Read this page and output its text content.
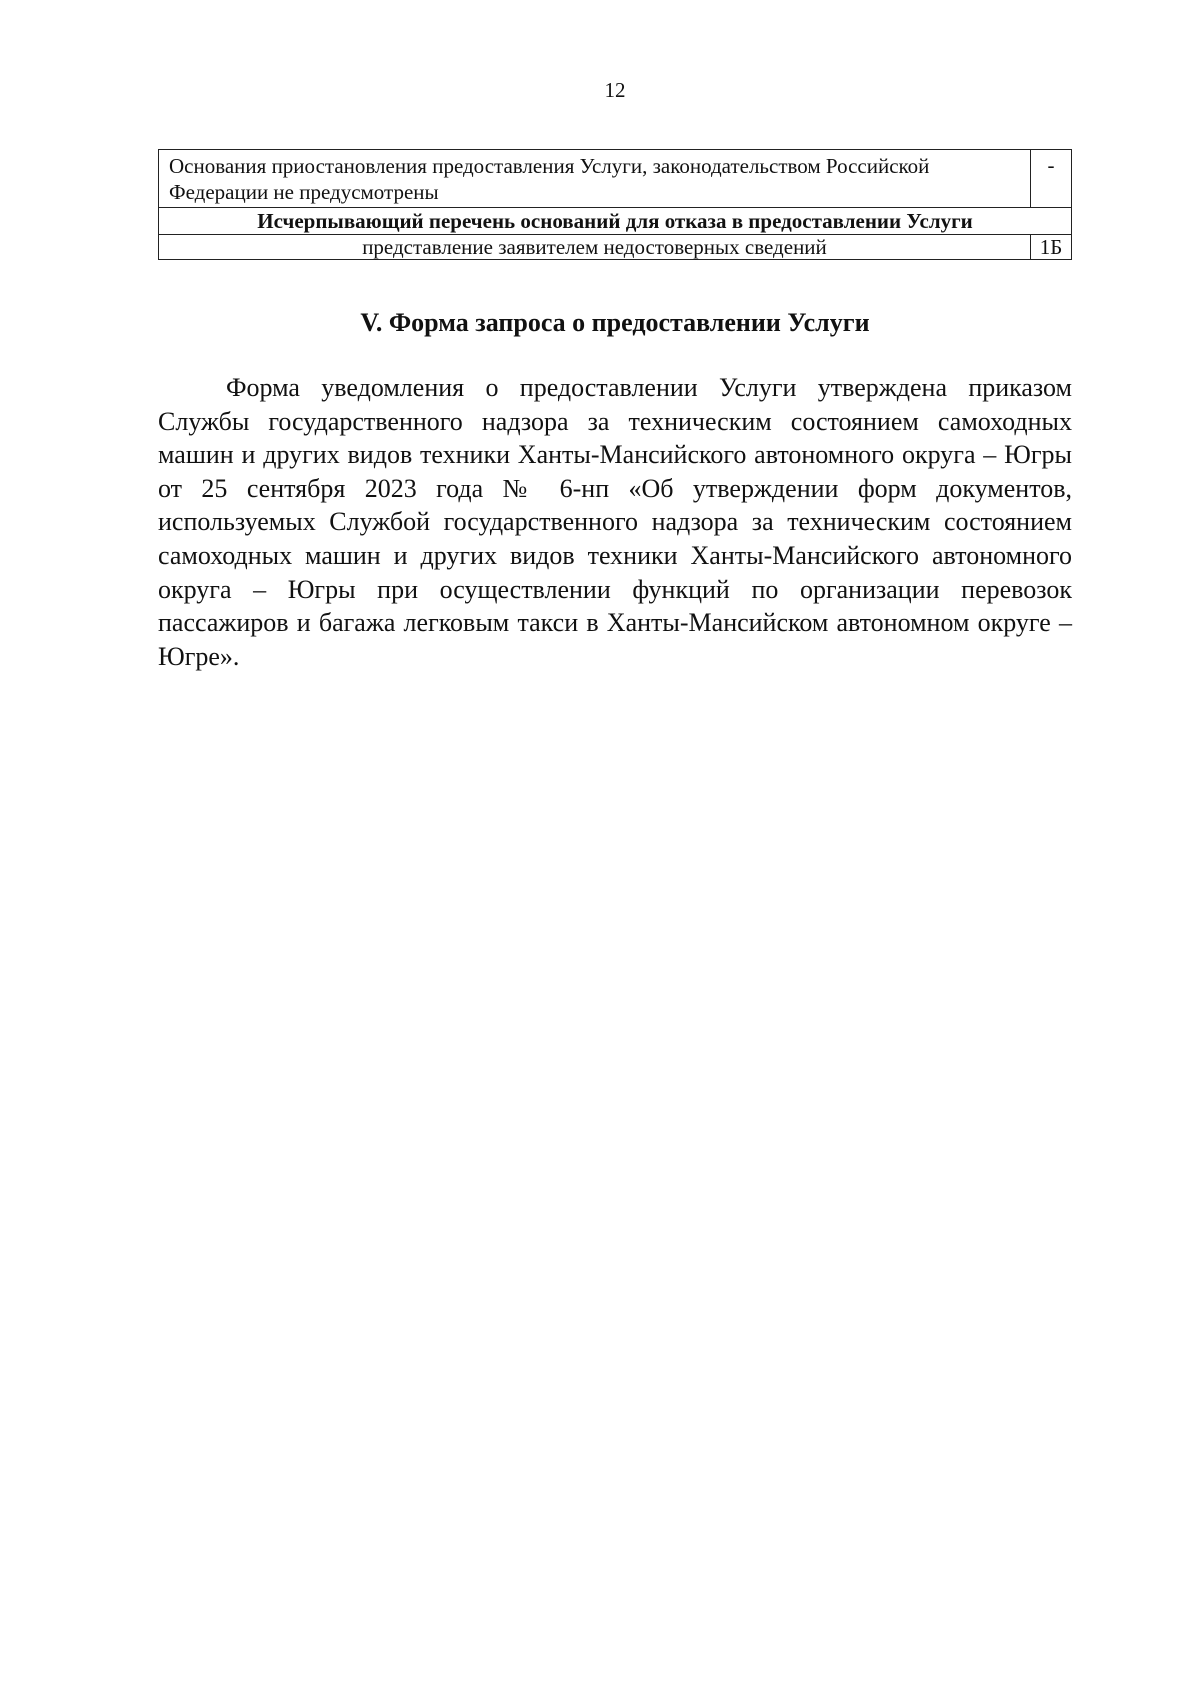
12
Основания приостановления предоставления Услуги, законодательством Российской Федерации не предусмотрены	-
Исчерпывающий перечень оснований для отказа в предоставлении Услуги	
представление заявителем недостоверных сведений	1Б
V. Форма запроса о предоставлении Услуги

Форма уведомления о предоставлении Услуги утверждена приказом Службы государственного надзора за техническим состоянием самоходных машин и других видов техники Ханты-Мансийского автономного округа – Югры от 25 сентября 2023 года № 6-нп «Об утверждении форм документов, используемых Службой государственного надзора за техническим состоянием самоходных машин и других видов техники Ханты-Мансийского автономного округа – Югры при осуществлении функций по организации перевозок пассажиров и багажа легковым такси в Ханты-Мансийском автономном округе – Югре».
